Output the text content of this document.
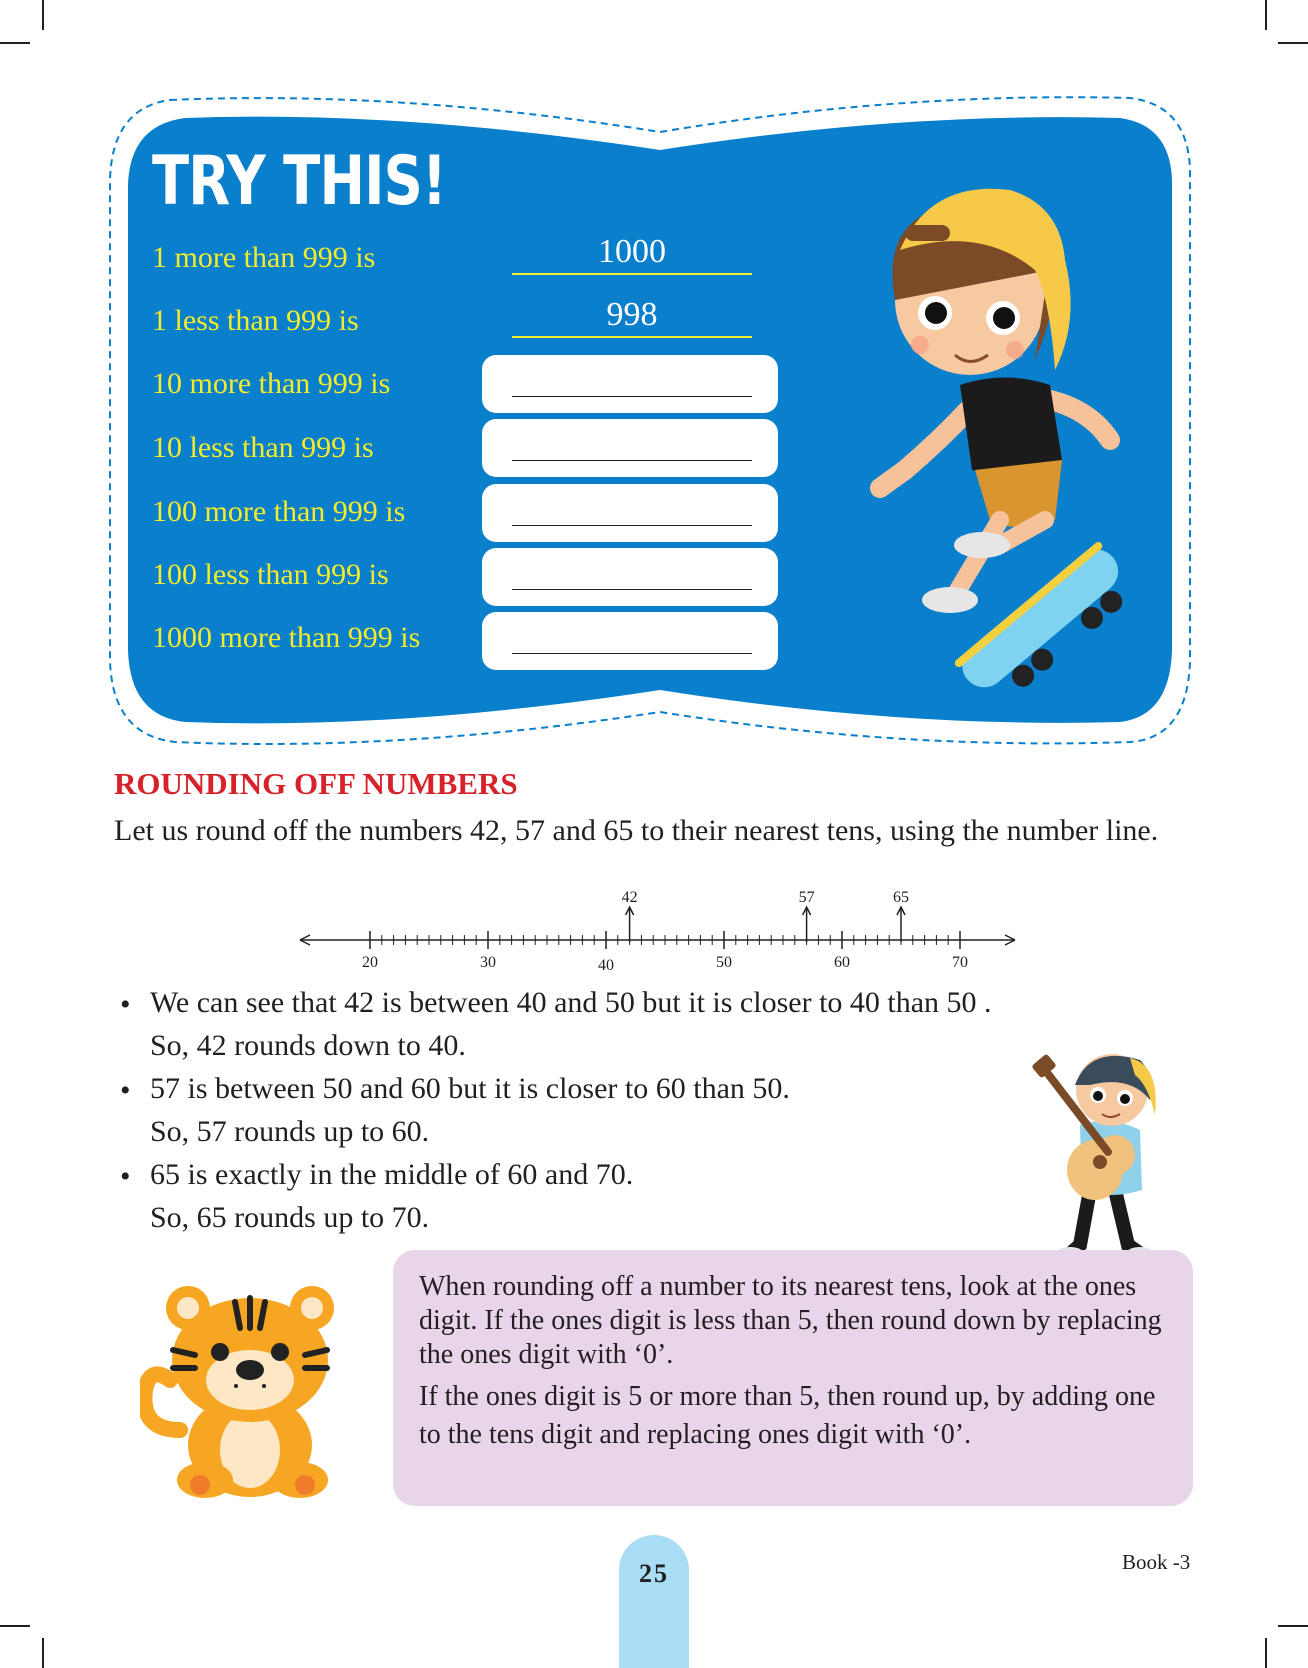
TRY THIS!
1 more than 999 is	1000
1 less than 999 is	998
10 more than 999 is
10 less than 999 is
100 more than 999 is
100 less than 999 is
1000 more than 999 is
ROUNDING OFF NUMBERS
Let us round off the numbers 42, 57 and 65 to their nearest tens, using the number line.
20	30	40	50	60	70
42	57	65
• We can see that 42 is between 40 and 50 but it is closer to 40 than 50 .
So, 42 rounds down to 40.
• 57 is between 50 and 60 but it is closer to 60 than 50.
So, 57 rounds up to 60.
• 65 is exactly in the middle of 60 and 70.
So, 65 rounds up to 70.
When rounding off a number to its nearest tens, look at the ones digit. If the ones digit is less than 5, then round down by replacing the ones digit with ‘0’.
If the ones digit is 5 or more than 5, then round up, by adding one to the tens digit and replacing ones digit with ‘0’.
25	Book -3
